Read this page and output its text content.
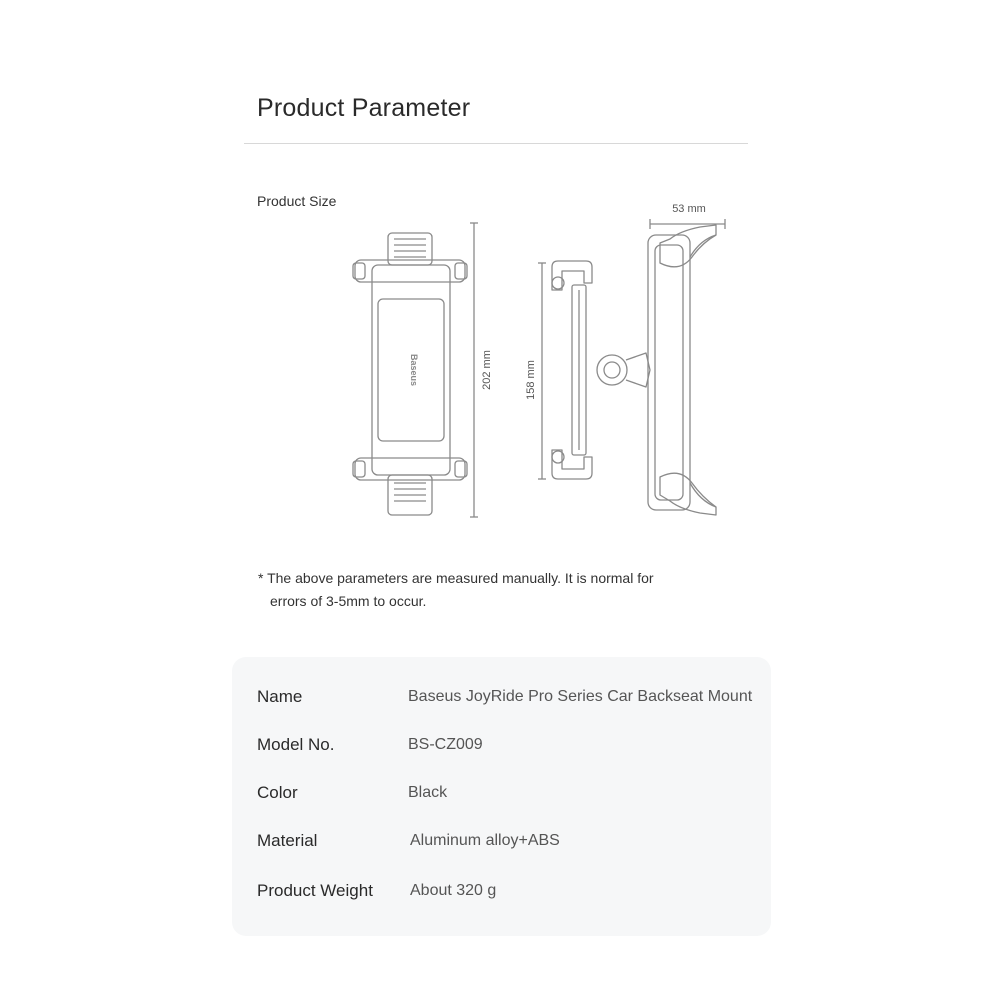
Product Parameter
Product Size
Baseus	202 mm	158 mm
53 mm
* The above parameters are measured manually. It is normal for
errors of 3-5mm to occur.
Name	Baseus JoyRide Pro Series Car Backseat Mount
Model No.	BS-CZ009
Color	Black
Material	Aluminum alloy+ABS
Product Weight About 320 g
